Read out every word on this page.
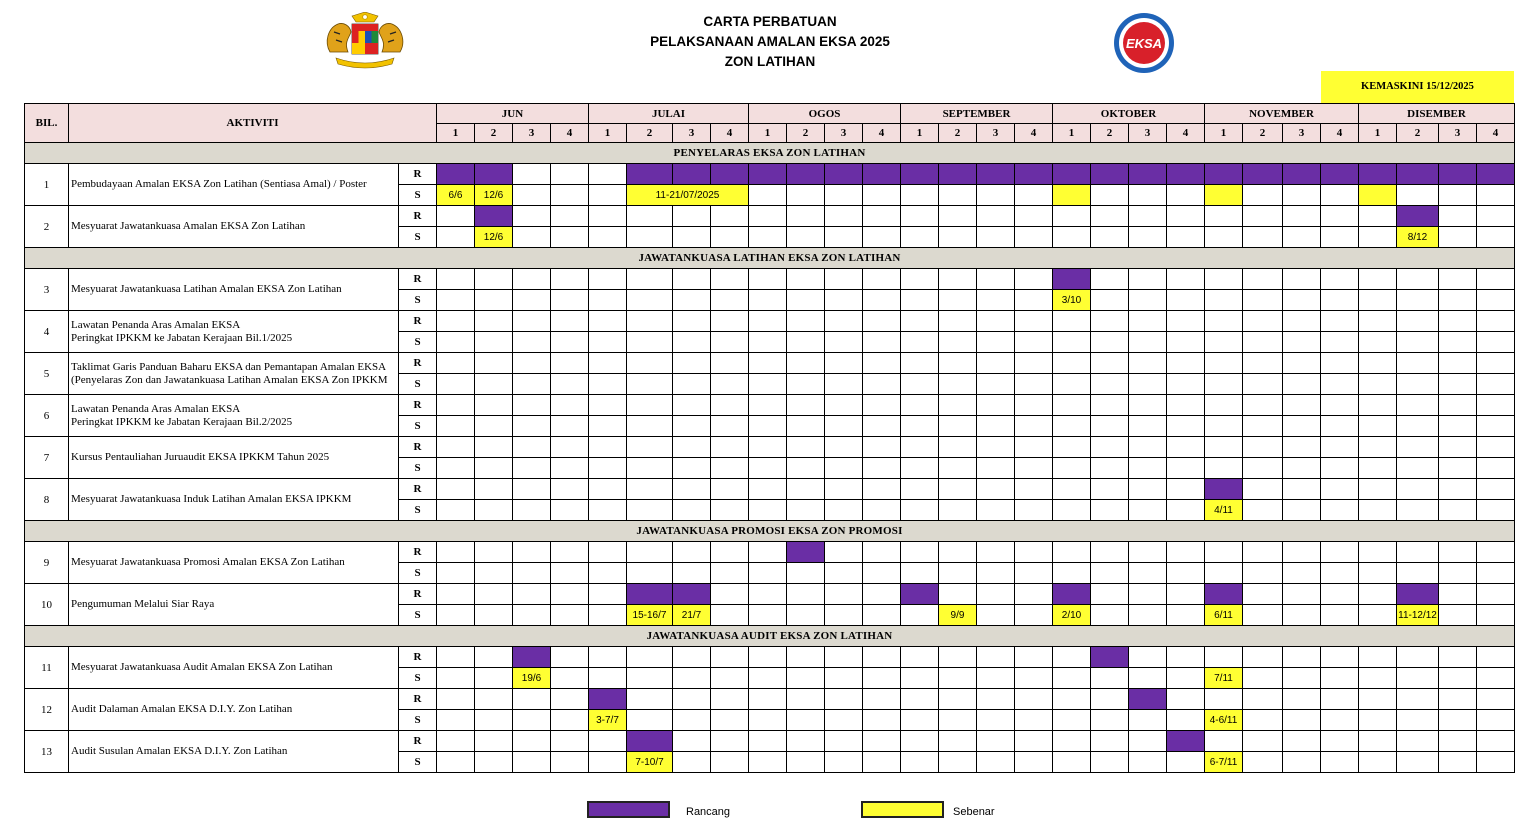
CARTA PERBATUAN
PELAKSANAAN AMALAN EKSA 2025
ZON LATIHAN
EKSA
KEMASKINI 15/12/2025
BIL.	AKTIVITI		JUN				JULAI				OGOS				SEPTEMBER				OKTOBER				NOVEMBER				DISEMBER			
			1	2	3	4	1	2	3	4	1	2	3	4	1	2	3	4	1	2	3	4	1	2	3	4	1	2	3	4
PENYELARAS EKSA ZON LATIHAN																														
1	Pembudayaan Amalan EKSA Zon Latihan (Sentiasa Amal) / Poster	R																												
		S	6/6	12/6				11-21/07/2025																						
2	Mesyuarat Jawatankuasa Amalan EKSA Zon Latihan	R																												
		S		12/6																								8/12		
JAWATANKUASA LATIHAN EKSA ZON LATIHAN																														
3	Mesyuarat Jawatankuasa Latihan Amalan EKSA Zon Latihan	R																												
		S																	3/10											
4	Lawatan Penanda Aras Amalan EKSA
Peringkat IPKKM ke Jabatan Kerajaan Bil.1/2025	R																												
		S																												
5	Taklimat Garis Panduan Baharu EKSA dan Pemantapan Amalan EKSA (Penyelaras Zon dan Jawatankuasa Latihan Amalan EKSA Zon IPKKM	R																												
		S																												
6	Lawatan Penanda Aras Amalan EKSA
Peringkat IPKKM ke Jabatan Kerajaan Bil.2/2025	R																												
		S																												
7	Kursus Pentauliahan Juruaudit EKSA IPKKM Tahun 2025	R																												
		S																												
8	Mesyuarat Jawatankuasa Induk Latihan Amalan EKSA IPKKM	R																												
		S																					4/11							
JAWATANKUASA PROMOSI EKSA ZON PROMOSI																														
9	Mesyuarat Jawatankuasa Promosi Amalan EKSA Zon Latihan	R																												
		S																												
10	Pengumuman Melalui Siar Raya	R																												
		S						15-16/7	21/7							9/9			2/10				6/11					11-12/12		
JAWATANKUASA AUDIT EKSA ZON LATIHAN																														
11	Mesyuarat Jawatankuasa Audit Amalan EKSA Zon Latihan	R																												
		S			19/6																		7/11							
12	Audit Dalaman Amalan EKSA D.I.Y. Zon Latihan	R																												
		S					3-7/7																4-6/11							
13	Audit Susulan Amalan EKSA D.I.Y. Zon Latihan	R																												
		S						7-10/7															6-7/11							
Rancang	Sebenar
